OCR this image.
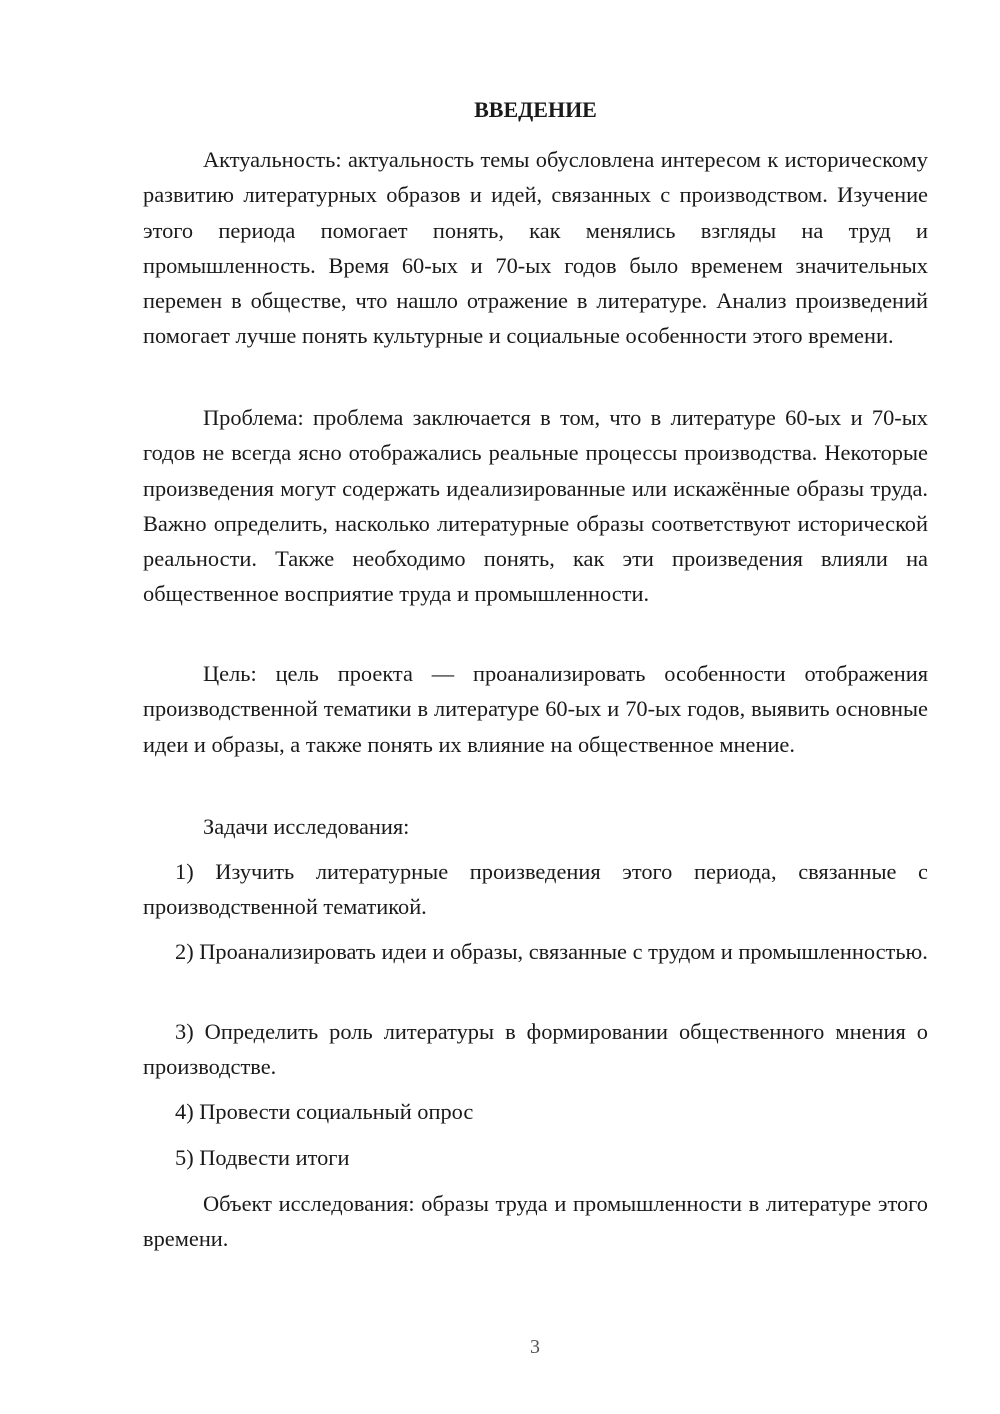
ВВЕДЕНИЕ

Актуальность: актуальность темы обусловлена интересом к историческому развитию литературных образов и идей, связанных с производством. Изучение этого периода помогает понять, как менялись взгляды на труд и промышленность. Время 60-ых и 70-ых годов было временем значительных перемен в обществе, что нашло отражение в литературе. Анализ произведений помогает лучше понять культурные и социальные особенности этого времени.

Проблема: проблема заключается в том, что в литературе 60-ых и 70-ых годов не всегда ясно отображались реальные процессы производства. Некоторые произведения могут содержать идеализированные или искажённые образы труда. Важно определить, насколько литературные образы соответствуют исторической реальности. Также необходимо понять, как эти произведения влияли на общественное восприятие труда и промышленности.

Цель: цель проекта — проанализировать особенности отображения производственной тематики в литературе 60-ых и 70-ых годов, выявить основные идеи и образы, а также понять их влияние на общественное мнение.

Задачи исследования:

1) Изучить литературные произведения этого периода, связанные с производственной тематикой.

2) Проанализировать идеи и образы, связанные с трудом и промышленностью.

3) Определить роль литературы в формировании общественного мнения о производстве.

4) Провести социальный опрос

5) Подвести итоги

Объект исследования: образы труда и промышленности в литературе этого времени.

3
